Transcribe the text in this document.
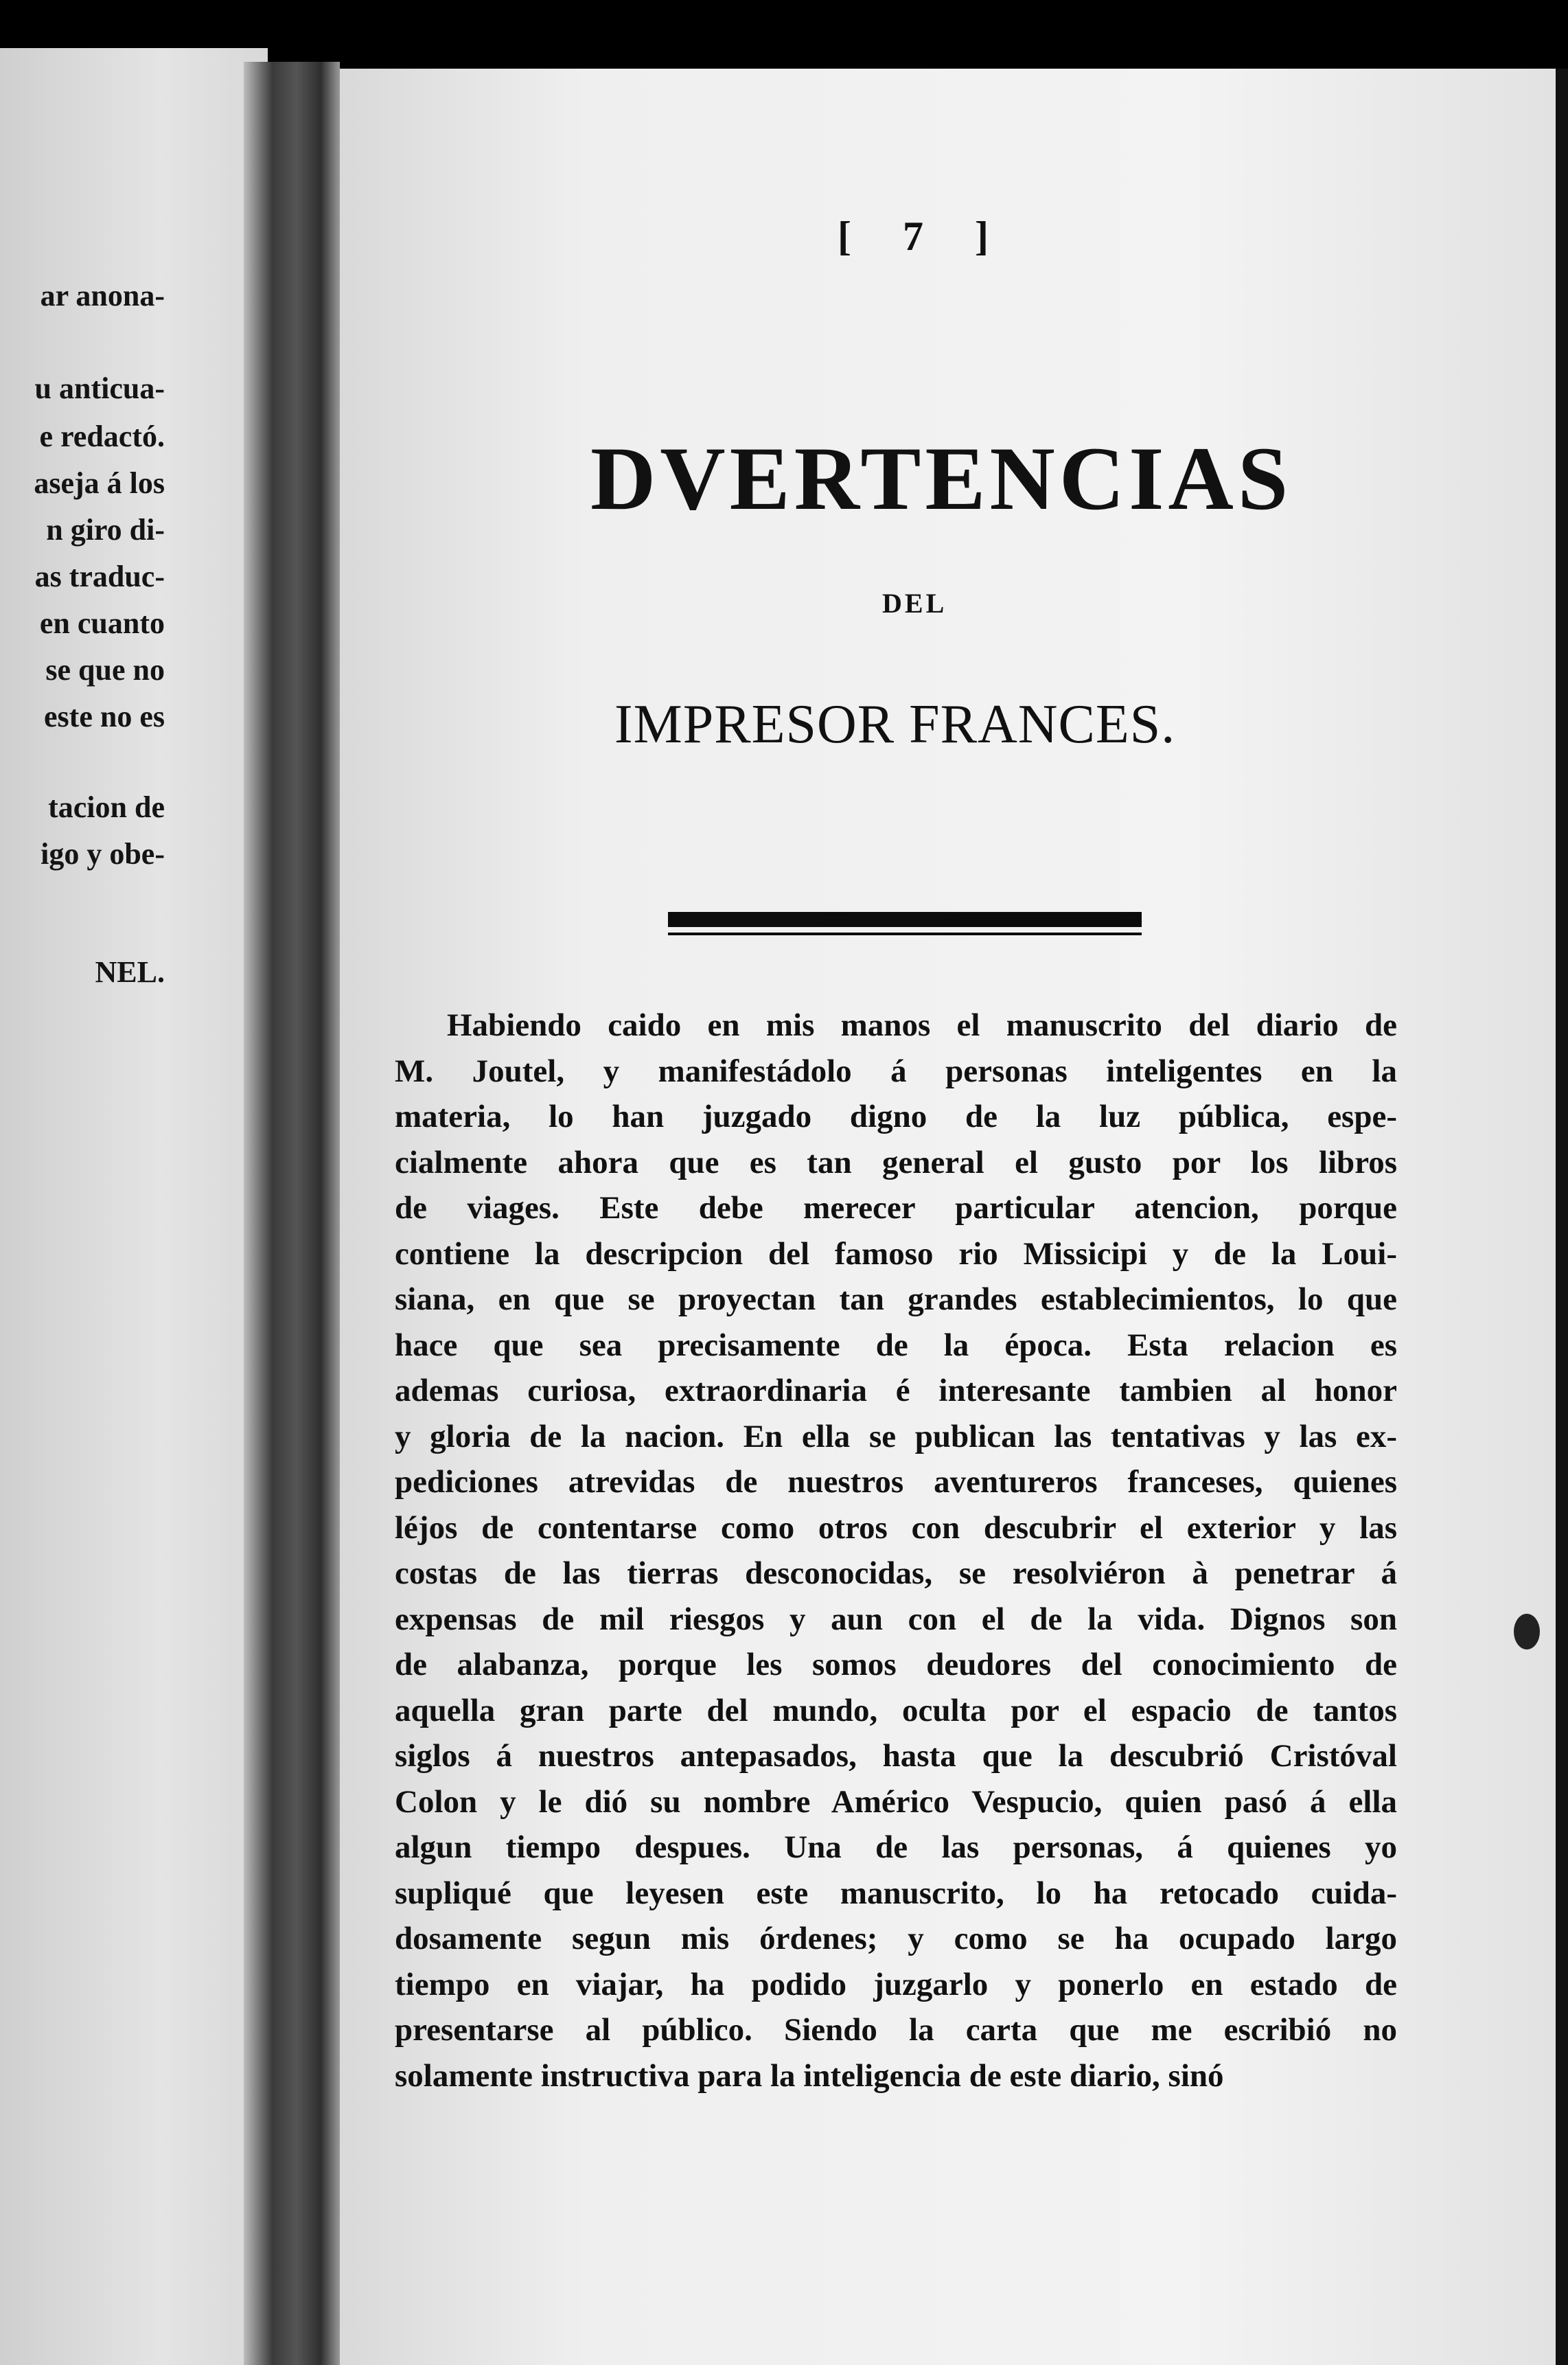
ar anona-
u anticua-
e redactó.
aseja á los
n giro di-
as traduc-
en cuanto
se que no
este no es
tacion de
igo y obe-
NEL.
[ 7 ]
DVERTENCIAS
DEL
IMPRESOR FRANCES.
Habiendo caido en mis manos el manuscrito del diario de
M. Joutel, y manifestádolo á personas inteligentes en la
materia, lo han juzgado digno de la luz pública, espe-
cialmente ahora que es tan general el gusto por los libros
de viages. Este debe merecer particular atencion, porque
contiene la descripcion del famoso rio Missicipi y de la Loui-
siana, en que se proyectan tan grandes establecimientos, lo que
hace que sea precisamente de la época. Esta relacion es
ademas curiosa, extraordinaria é interesante tambien al honor
y gloria de la nacion. En ella se publican las tentativas y las ex-
pediciones atrevidas de nuestros aventureros franceses, quienes
léjos de contentarse como otros con descubrir el exterior y las
costas de las tierras desconocidas, se resolviéron à penetrar á
expensas de mil riesgos y aun con el de la vida. Dignos son
de alabanza, porque les somos deudores del conocimiento de
aquella gran parte del mundo, oculta por el espacio de tantos
siglos á nuestros antepasados, hasta que la descubrió Cristóval
Colon y le dió su nombre Américo Vespucio, quien pasó á ella
algun tiempo despues. Una de las personas, á quienes yo
supliqué que leyesen este manuscrito, lo ha retocado cuida-
dosamente segun mis órdenes; y como se ha ocupado largo
tiempo en viajar, ha podido juzgarlo y ponerlo en estado de
presentarse al público. Siendo la carta que me escribió no
solamente instructiva para la inteligencia de este diario, sinó
